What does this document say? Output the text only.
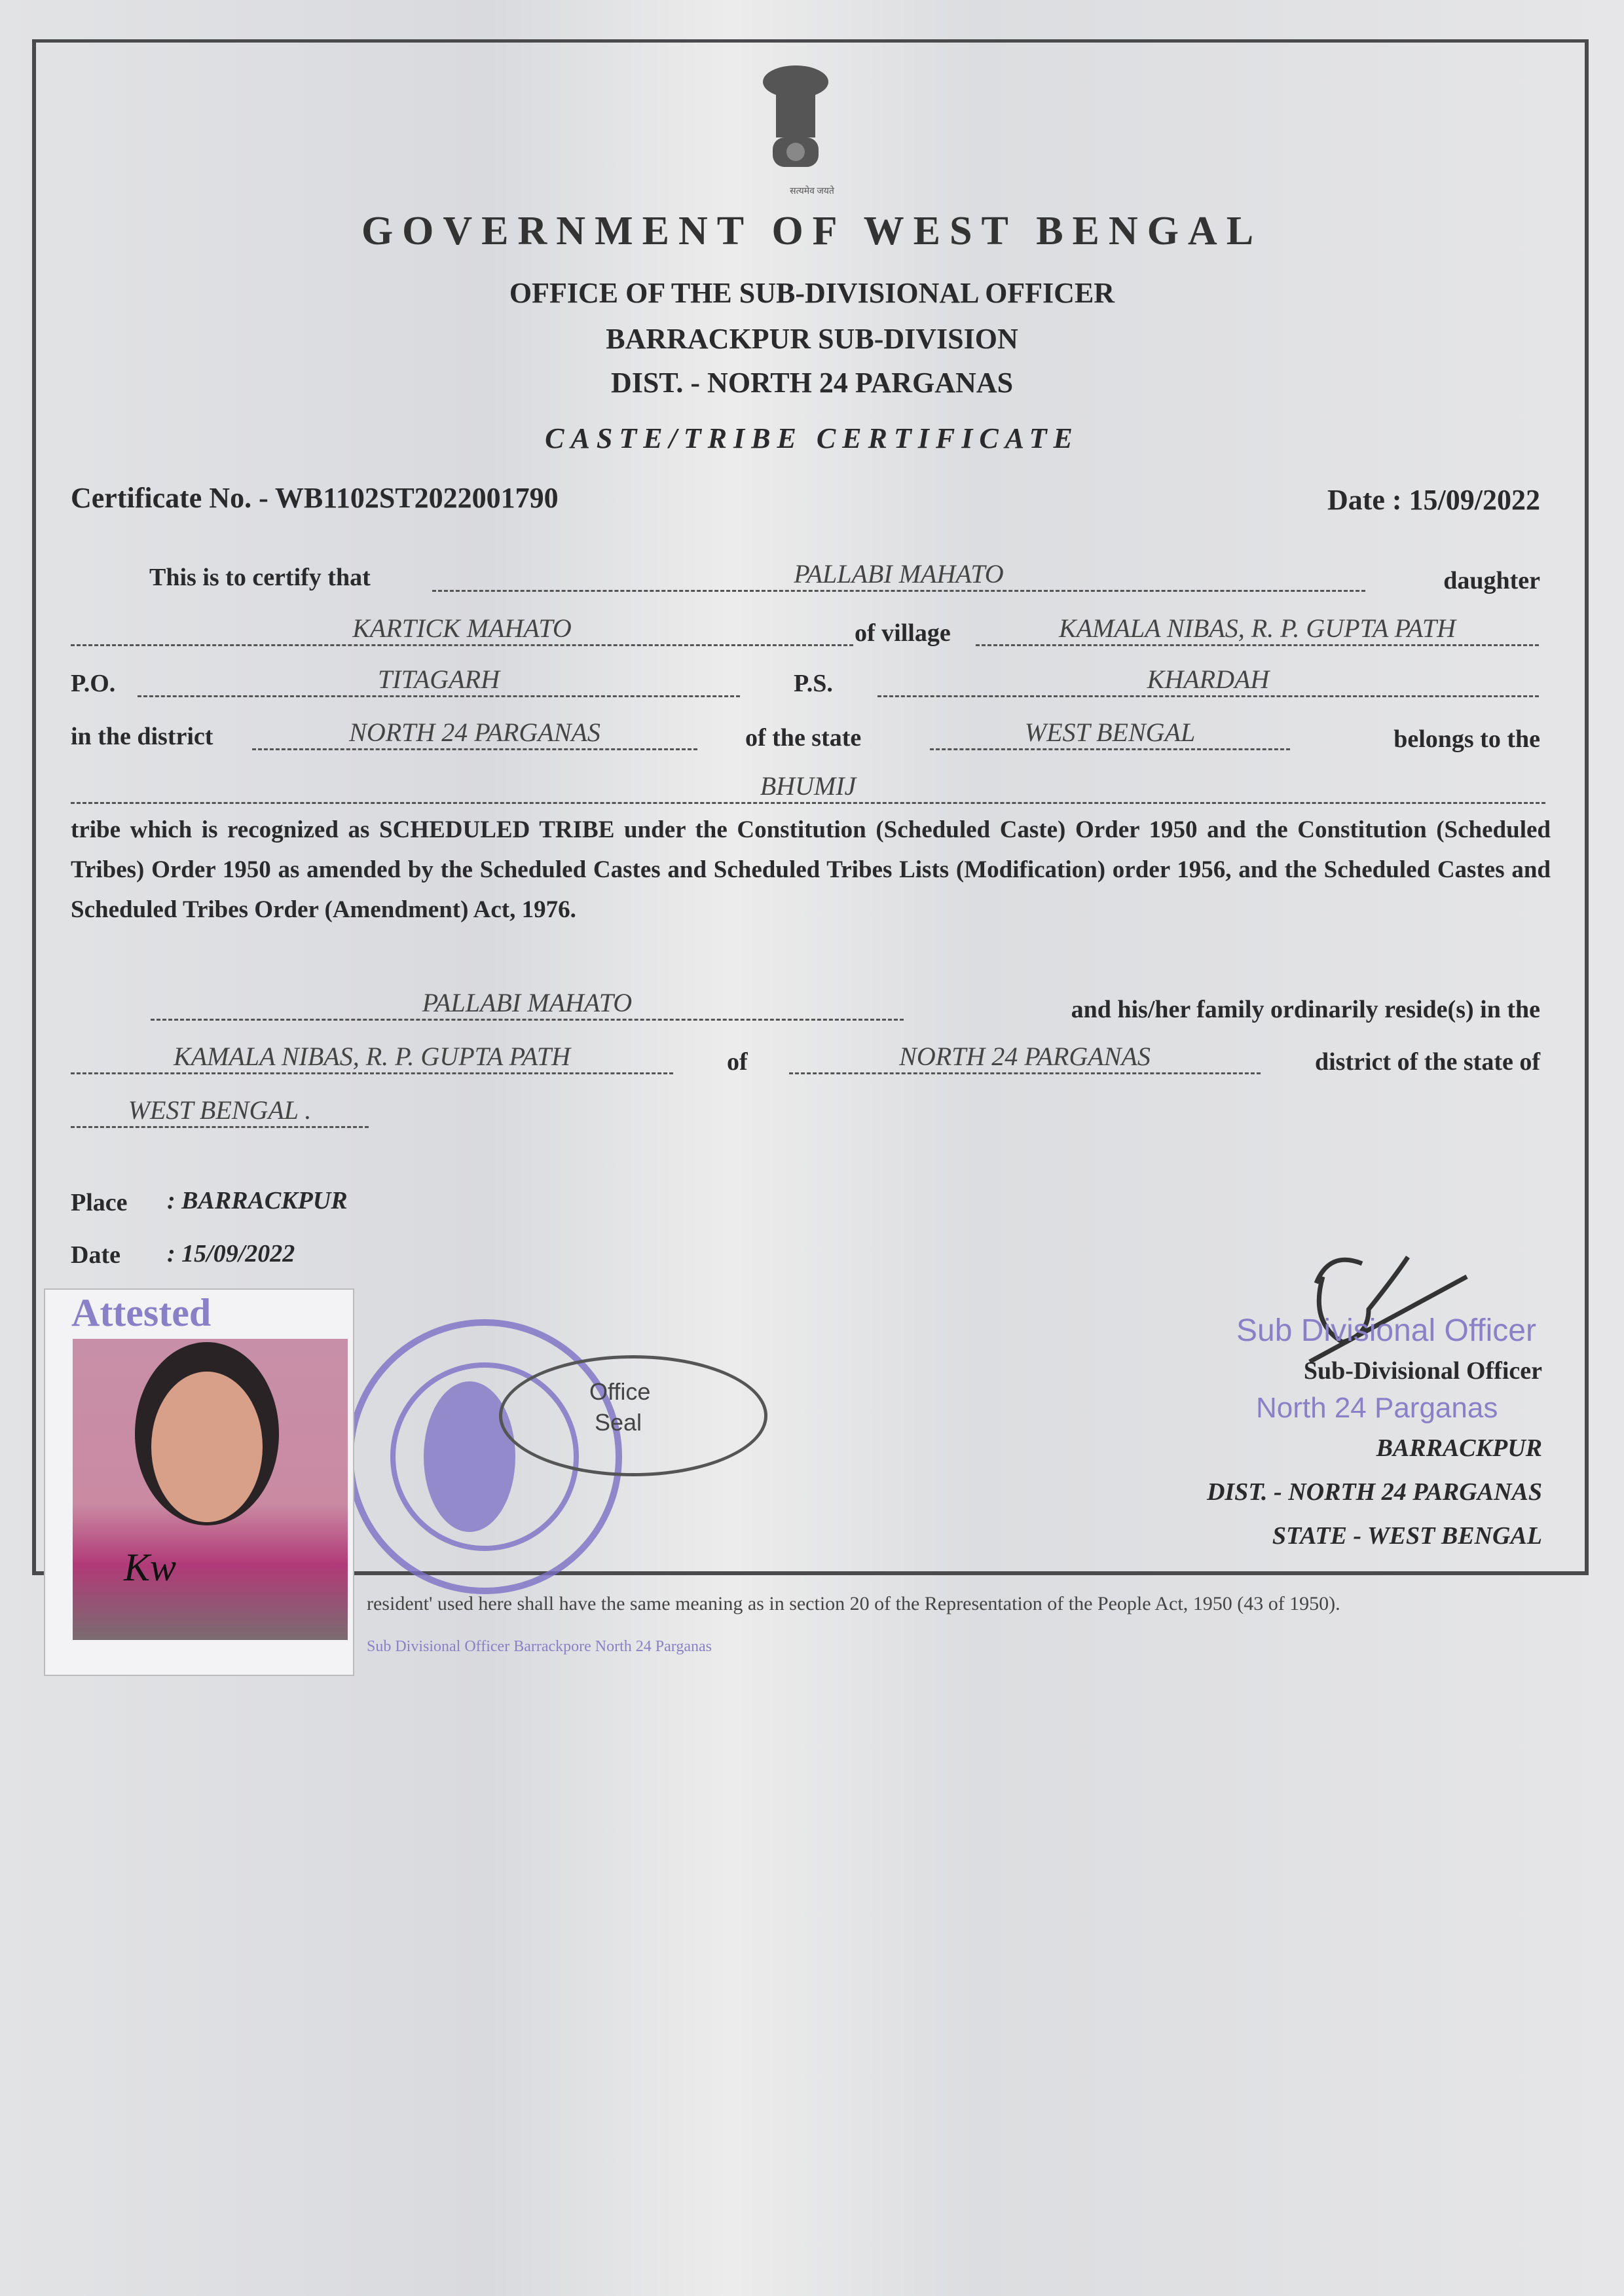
सत्यमेव जयते
GOVERNMENT OF WEST BENGAL
OFFICE OF THE SUB-DIVISIONAL OFFICER
BARRACKPUR SUB-DIVISION
DIST. - NORTH 24 PARGANAS
CASTE/TRIBE CERTIFICATE
Certificate No. - WB1102ST2022001790	Date : 15/09/2022
This is to certify that	PALLABI MAHATO	daughter
KARTICK MAHATO	of village	KAMALA NIBAS, R. P. GUPTA PATH
P.O.	TITAGARH	P.S.	KHARDAH
in the district	NORTH 24 PARGANAS	of the state	WEST BENGAL	belongs to the
BHUMIJ
tribe which is recognized as SCHEDULED TRIBE under the Constitution (Scheduled Caste) Order 1950 and the Constitution (Scheduled Tribes) Order 1950 as amended by the Scheduled Castes and Scheduled Tribes Lists (Modification) order 1956, and the Scheduled Castes and Scheduled Tribes Order (Amendment) Act, 1976.
PALLABI MAHATO	and his/her family ordinarily reside(s) in the
KAMALA NIBAS, R. P. GUPTA PATH	of	NORTH 24 PARGANAS	district of the state of
WEST BENGAL .
Place : BARRACKPUR
Date : 15/09/2022
Sub Divisional Officer
Sub-Divisional Officer
North 24 Parganas
BARRACKPUR
DIST. - NORTH 24 PARGANAS
STATE - WEST BENGAL
Office
Seal
Sub Divisional Officer Barrackpore North 24 Parganas
Attested
Kw
resident' used here shall have the same meaning as in section 20 of the Representation of the People Act, 1950 (43 of 1950).
